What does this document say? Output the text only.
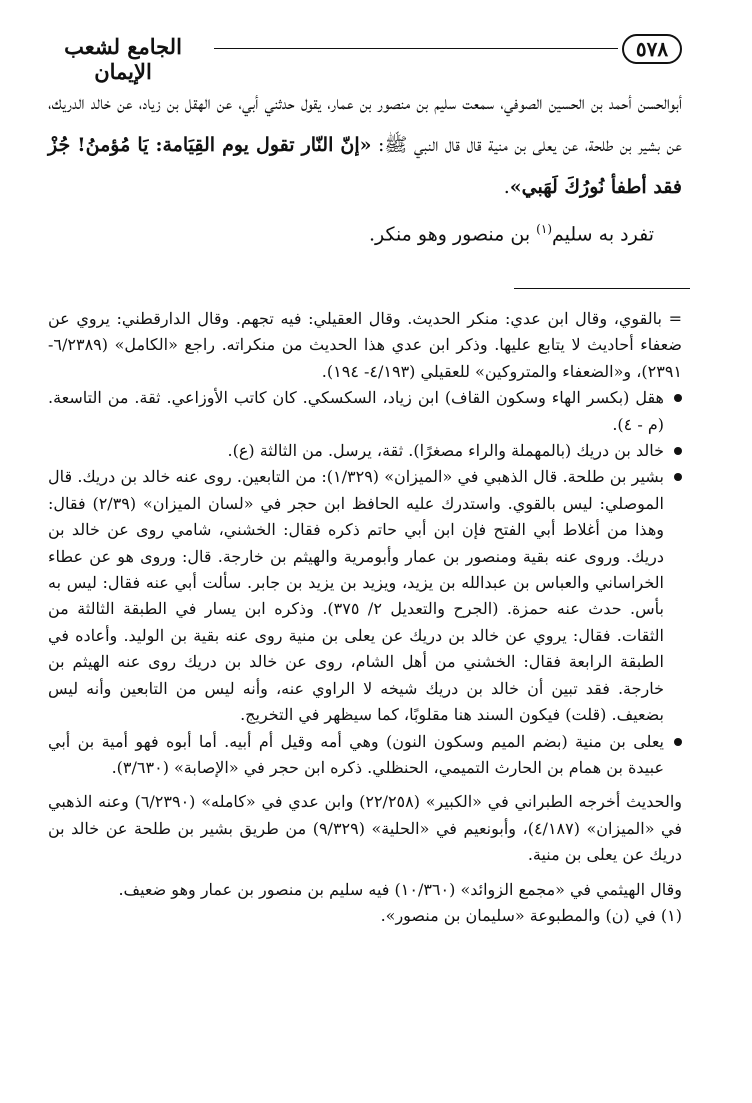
٥٧٨
الجامع لشعب الإيمان

أبوالحسن أحمد بن الحسين الصوفي، سمعت سليم بن منصور بن عمار، يقول حدثني أبي، عن الهقل بن زياد، عن خالد الدريك، عن بشير بن طلحة، عن يعلى بن منية قال قال النبي ﷺ: «إنّ النّار تقول يوم القِيَامة: يَا مُؤمنُ! جُزْ فقد أطفأ نُورُكَ لَهَبي».

تفرد به سليم$^{(١)}$ بن منصور وهو منكر.

= بالقوي، وقال ابن عدي: منكر الحديث. وقال العقيلي: فيه تجهم. وقال الدارقطني: يروي عن ضعفاء أحاديث لا يتابع عليها. وذكر ابن عدي هذا الحديث من منكراته. راجع «الكامل» (٦/٢٣٨٩- ٢٣٩١)، و«الضعفاء والمتروكين» للعقيلي (٤/١٩٣- ١٩٤).

هقل (بكسر الهاء وسكون القاف) ابن زياد، السكسكي. كان كاتب الأوزاعي. ثقة. من التاسعة. (م - ٤).
خالد بن دريك (بالمهملة والراء مصغرًا). ثقة، يرسل. من الثالثة (ع).
بشير بن طلحة. قال الذهبي في «الميزان» (١/٣٢٩): من التابعين. روى عنه خالد بن دريك. قال الموصلي: ليس بالقوي. واستدرك عليه الحافظ ابن حجر في «لسان الميزان» (٢/٣٩) فقال: وهذا من أغلاط أبي الفتح فإن ابن أبي حاتم ذكره فقال: الخشني، شامي روى عن خالد بن دريك. وروى عنه بقية ومنصور بن عمار وأبومرية والهيثم بن خارجة. قال: وروى هو عن عطاء الخراساني والعباس بن عبدالله بن يزيد، ويزيد بن يزيد بن جابر. سألت أبي عنه فقال: ليس به بأس. حدث عنه حمزة. (الجرح والتعديل ٢/ ٣٧٥). وذكره ابن يسار في الطبقة الثالثة من الثقات. فقال: يروي عن خالد بن دريك عن يعلى بن منية روى عنه بقية بن الوليد. وأعاده في الطبقة الرابعة فقال: الخشني من أهل الشام، روى عن خالد بن دريك روى عنه الهيثم بن خارجة. فقد تبين أن خالد بن دريك شيخه لا الراوي عنه، وأنه ليس من التابعين وأنه ليس بضعيف. (قلت) فيكون السند هنا مقلوبًا، كما سيظهر في التخريج.
يعلى بن منية (بضم الميم وسكون النون) وهي أمه وقيل أم أبيه. أما أبوه فهو أمية بن أبي عبيدة بن همام بن الحارث التميمي، الحنظلي. ذكره ابن حجر في «الإصابة» (٣/٦٣٠).

والحديث أخرجه الطبراني في «الكبير» (٢٢/٢٥٨) وابن عدي في «كامله» (٦/٢٣٩٠) وعنه الذهبي في «الميزان» (٤/١٨٧)، وأبونعيم في «الحلية» (٩/٣٢٩) من طريق بشير بن طلحة عن خالد بن دريك عن يعلى بن منية.

وقال الهيثمي في «مجمع الزوائد» (١٠/٣٦٠) فيه سليم بن منصور بن عمار وهو ضعيف.

(١) في (ن) والمطبوعة «سليمان بن منصور».
